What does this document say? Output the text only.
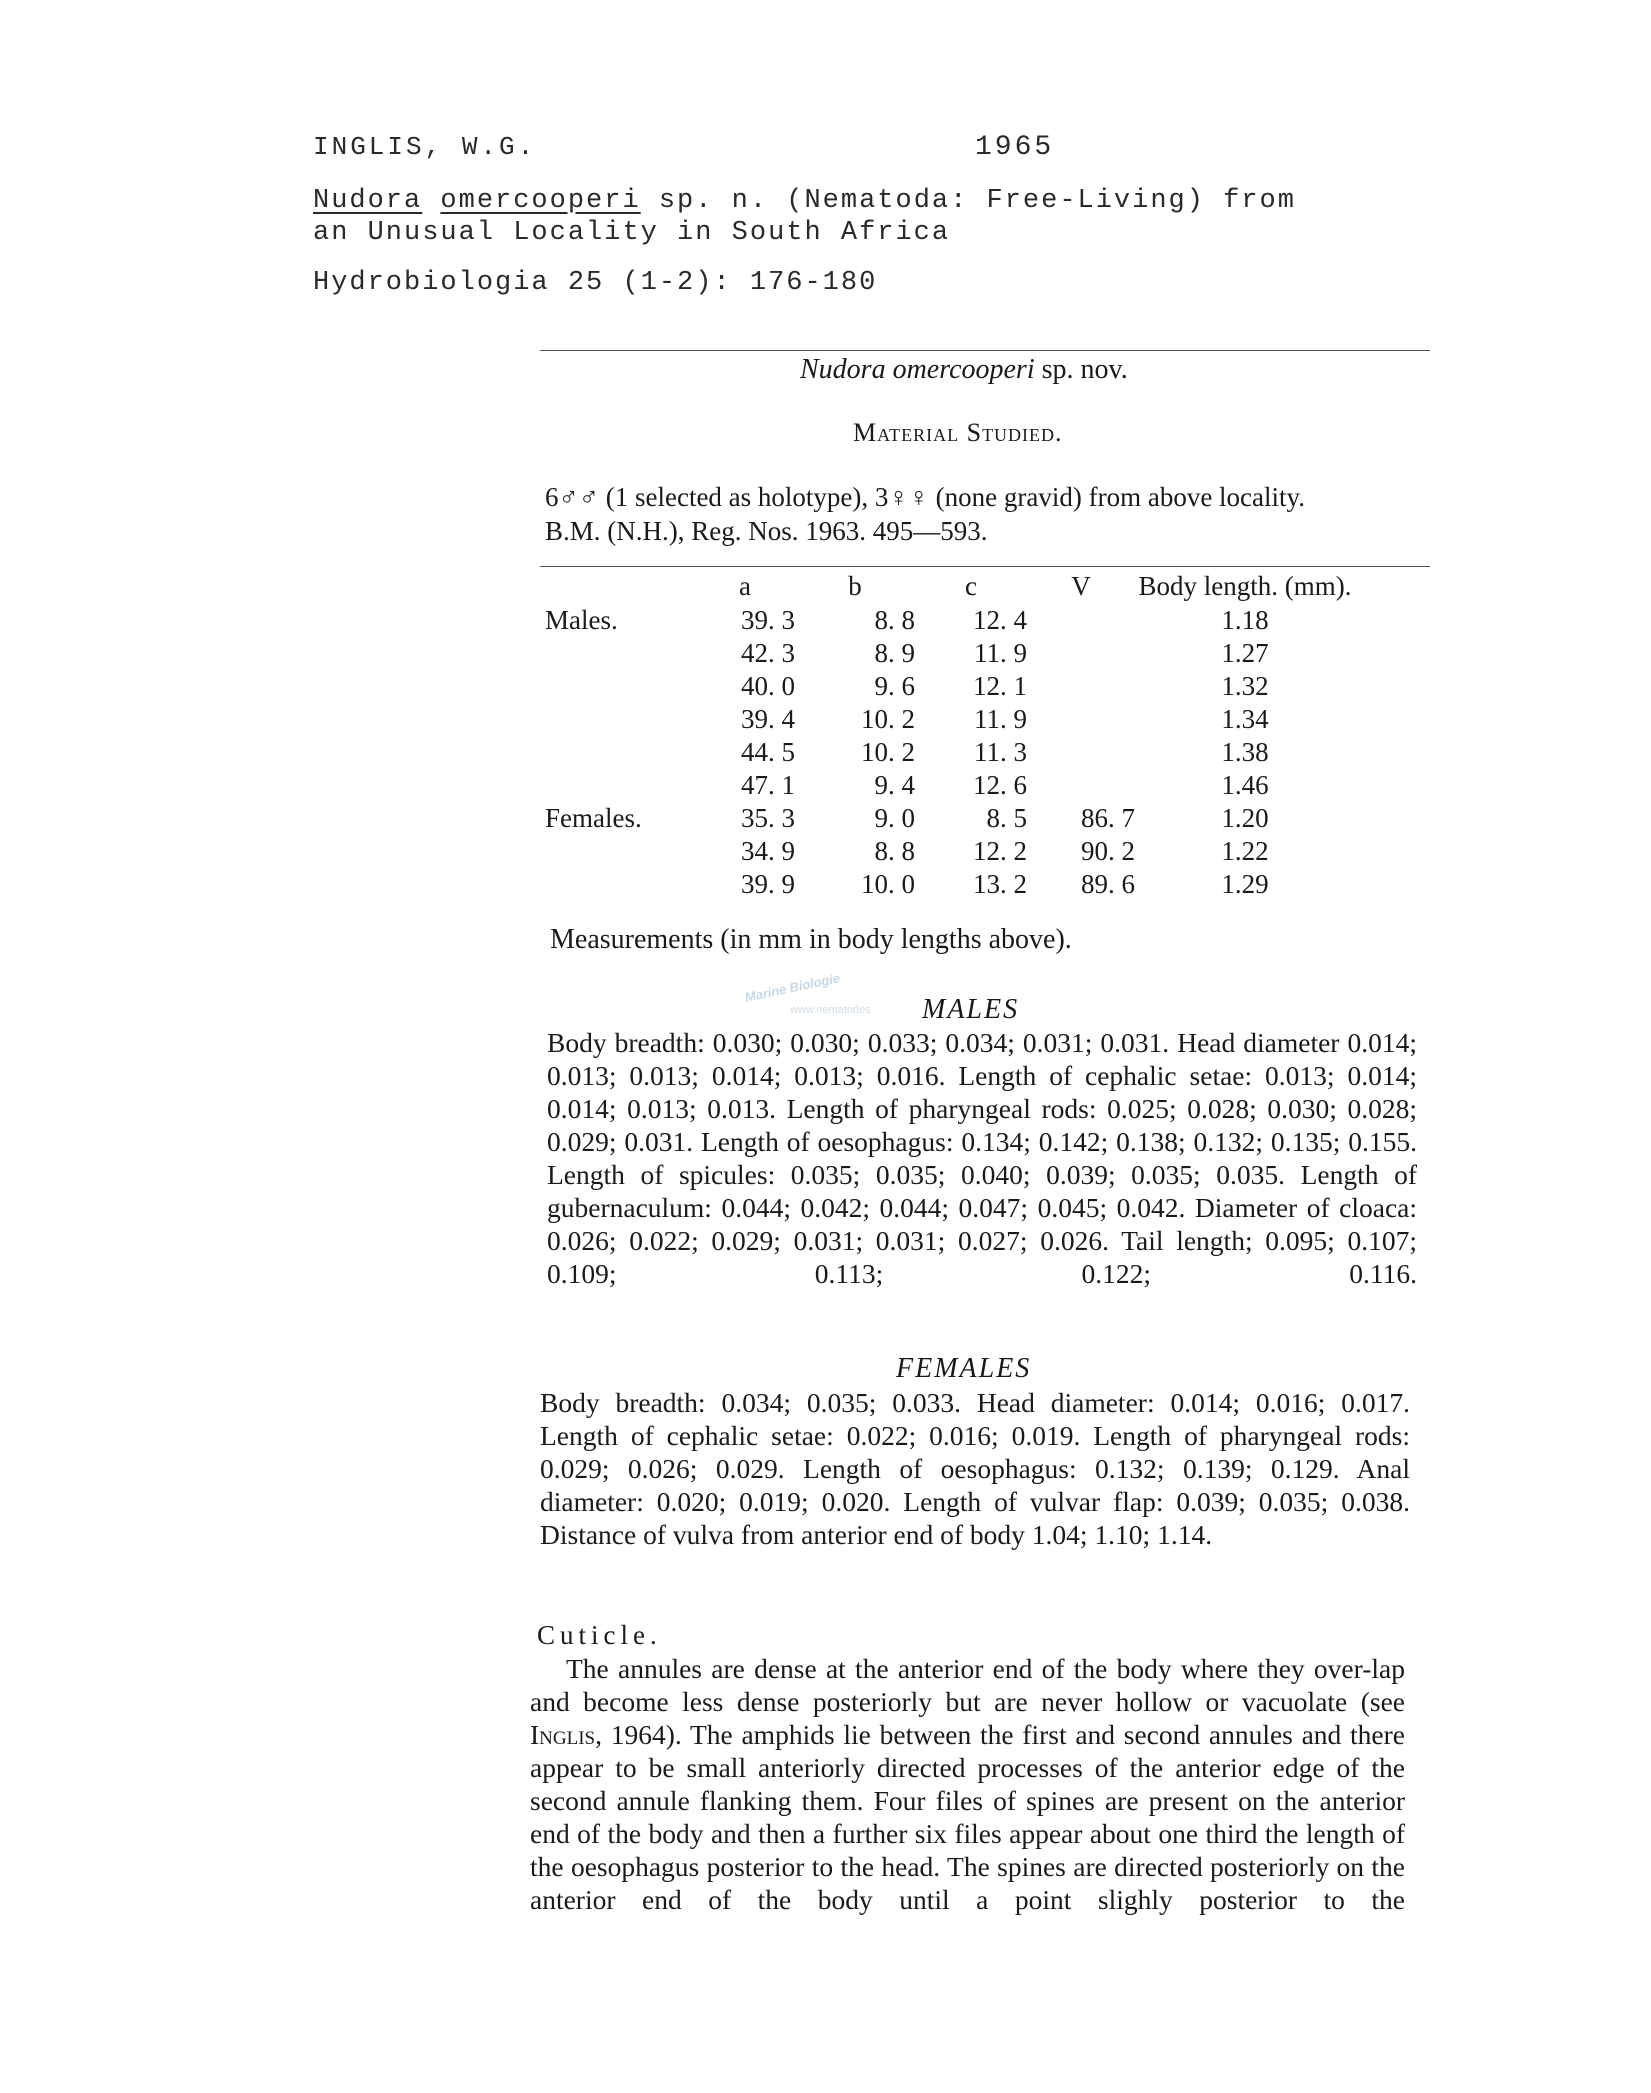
INGLIS, W.G.	1965
Nudora omercooperi sp. n. (Nematoda: Free-Living) from
an Unusual Locality in South Africa
Hydrobiologia 25 (1-2): 176-180
Nudora omercooperi sp. nov.
Material Studied.
6♂♂ (1 selected as holotype), 3♀♀ (none gravid) from above locality.
B.M. (N.H.), Reg. Nos. 1963. 495—593.
	a	b	c	V	Body length. (mm).
Males.	39. 3	8. 8	12. 4		1.18
	42. 3	8. 9	11. 9		1.27
	40. 0	9. 6	12. 1		1.32
	39. 4	10. 2	11. 9		1.34
	44. 5	10. 2	11. 3		1.38
	47. 1	9. 4	12. 6		1.46
Females.	35. 3	9. 0	8. 5	86. 7	1.20
	34. 9	8. 8	12. 2	90. 2	1.22
	39. 9	10. 0	13. 2	89. 6	1.29
Measurements (in mm in body lengths above).
Marine Biologie
www.nematodes MALES
Body breadth: 0.030; 0.030; 0.033; 0.034; 0.031; 0.031. Head diameter 0.014; 0.013; 0.013; 0.014; 0.013; 0.016. Length of cephalic setae: 0.013; 0.014; 0.014; 0.013; 0.013. Length of pharyngeal rods: 0.025; 0.028; 0.030; 0.028; 0.029; 0.031. Length of oesophagus: 0.134; 0.142; 0.138; 0.132; 0.135; 0.155. Length of spicules: 0.035; 0.035; 0.040; 0.039; 0.035; 0.035. Length of gubernaculum: 0.044; 0.042; 0.044; 0.047; 0.045; 0.042. Diameter of cloaca: 0.026; 0.022; 0.029; 0.031; 0.031; 0.027; 0.026. Tail length; 0.095; 0.107; 0.109; 0.113; 0.122; 0.116.
FEMALES
Body breadth: 0.034; 0.035; 0.033. Head diameter: 0.014; 0.016; 0.017. Length of cephalic setae: 0.022; 0.016; 0.019. Length of pharyngeal rods: 0.029; 0.026; 0.029. Length of oesophagus: 0.132; 0.139; 0.129. Anal diameter: 0.020; 0.019; 0.020. Length of vulvar flap: 0.039; 0.035; 0.038. Distance of vulva from anterior end of body 1.04; 1.10; 1.14.
Cuticle.
The annules are dense at the anterior end of the body where they over-lap and become less dense posteriorly but are never hollow or vacuolate (see Inglis, 1964). The amphids lie between the first and second annules and there appear to be small anteriorly directed processes of the anterior edge of the second annule flanking them. Four files of spines are present on the anterior end of the body and then a further six files appear about one third the length of the oesophagus posterior to the head. The spines are directed posteriorly on the anterior end of the body until a point slighly posterior to the
